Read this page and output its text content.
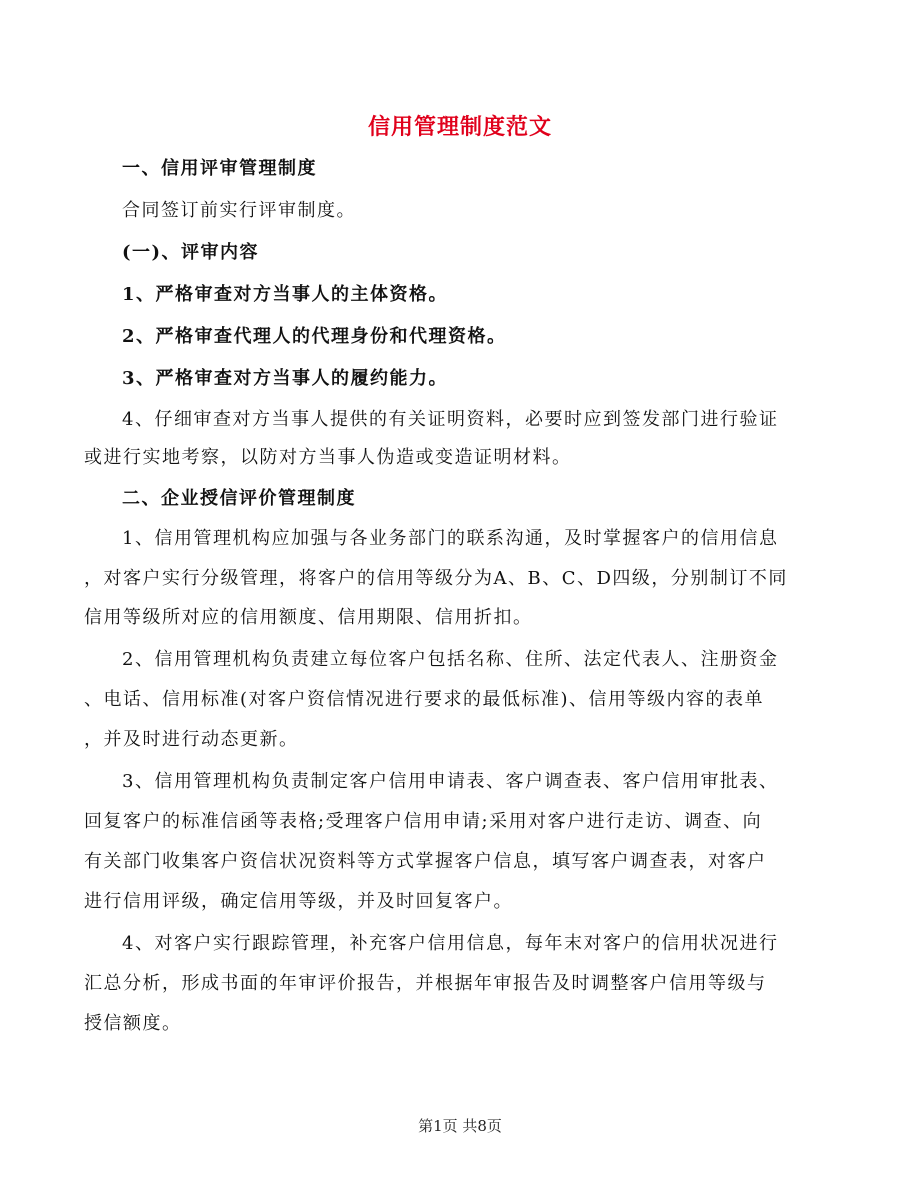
信用管理制度范文
一、信用评审管理制度
合同签订前实行评审制度。
(一)、评审内容
1、严格审查对方当事人的主体资格。
2、严格审查代理人的代理身份和代理资格。
3、严格审查对方当事人的履约能力。
4、仔细审查对方当事人提供的有关证明资料，必要时应到签发部门进行验证
或进行实地考察，以防对方当事人伪造或变造证明材料。
二、企业授信评价管理制度
1、信用管理机构应加强与各业务部门的联系沟通，及时掌握客户的信用信息
，对客户实行分级管理，将客户的信用等级分为A、B、C、D四级，分别制订不同
信用等级所对应的信用额度、信用期限、信用折扣。
2、信用管理机构负责建立每位客户包括名称、住所、法定代表人、注册资金
、电话、信用标准(对客户资信情况进行要求的最低标准)、信用等级内容的表单
，并及时进行动态更新。
3、信用管理机构负责制定客户信用申请表、客户调查表、客户信用审批表、
回复客户的标准信函等表格;受理客户信用申请;采用对客户进行走访、调查、向
有关部门收集客户资信状况资料等方式掌握客户信息，填写客户调查表，对客户
进行信用评级，确定信用等级，并及时回复客户。
4、对客户实行跟踪管理，补充客户信用信息，每年末对客户的信用状况进行
汇总分析，形成书面的年审评价报告，并根据年审报告及时调整客户信用等级与
授信额度。
第1页 共8页
